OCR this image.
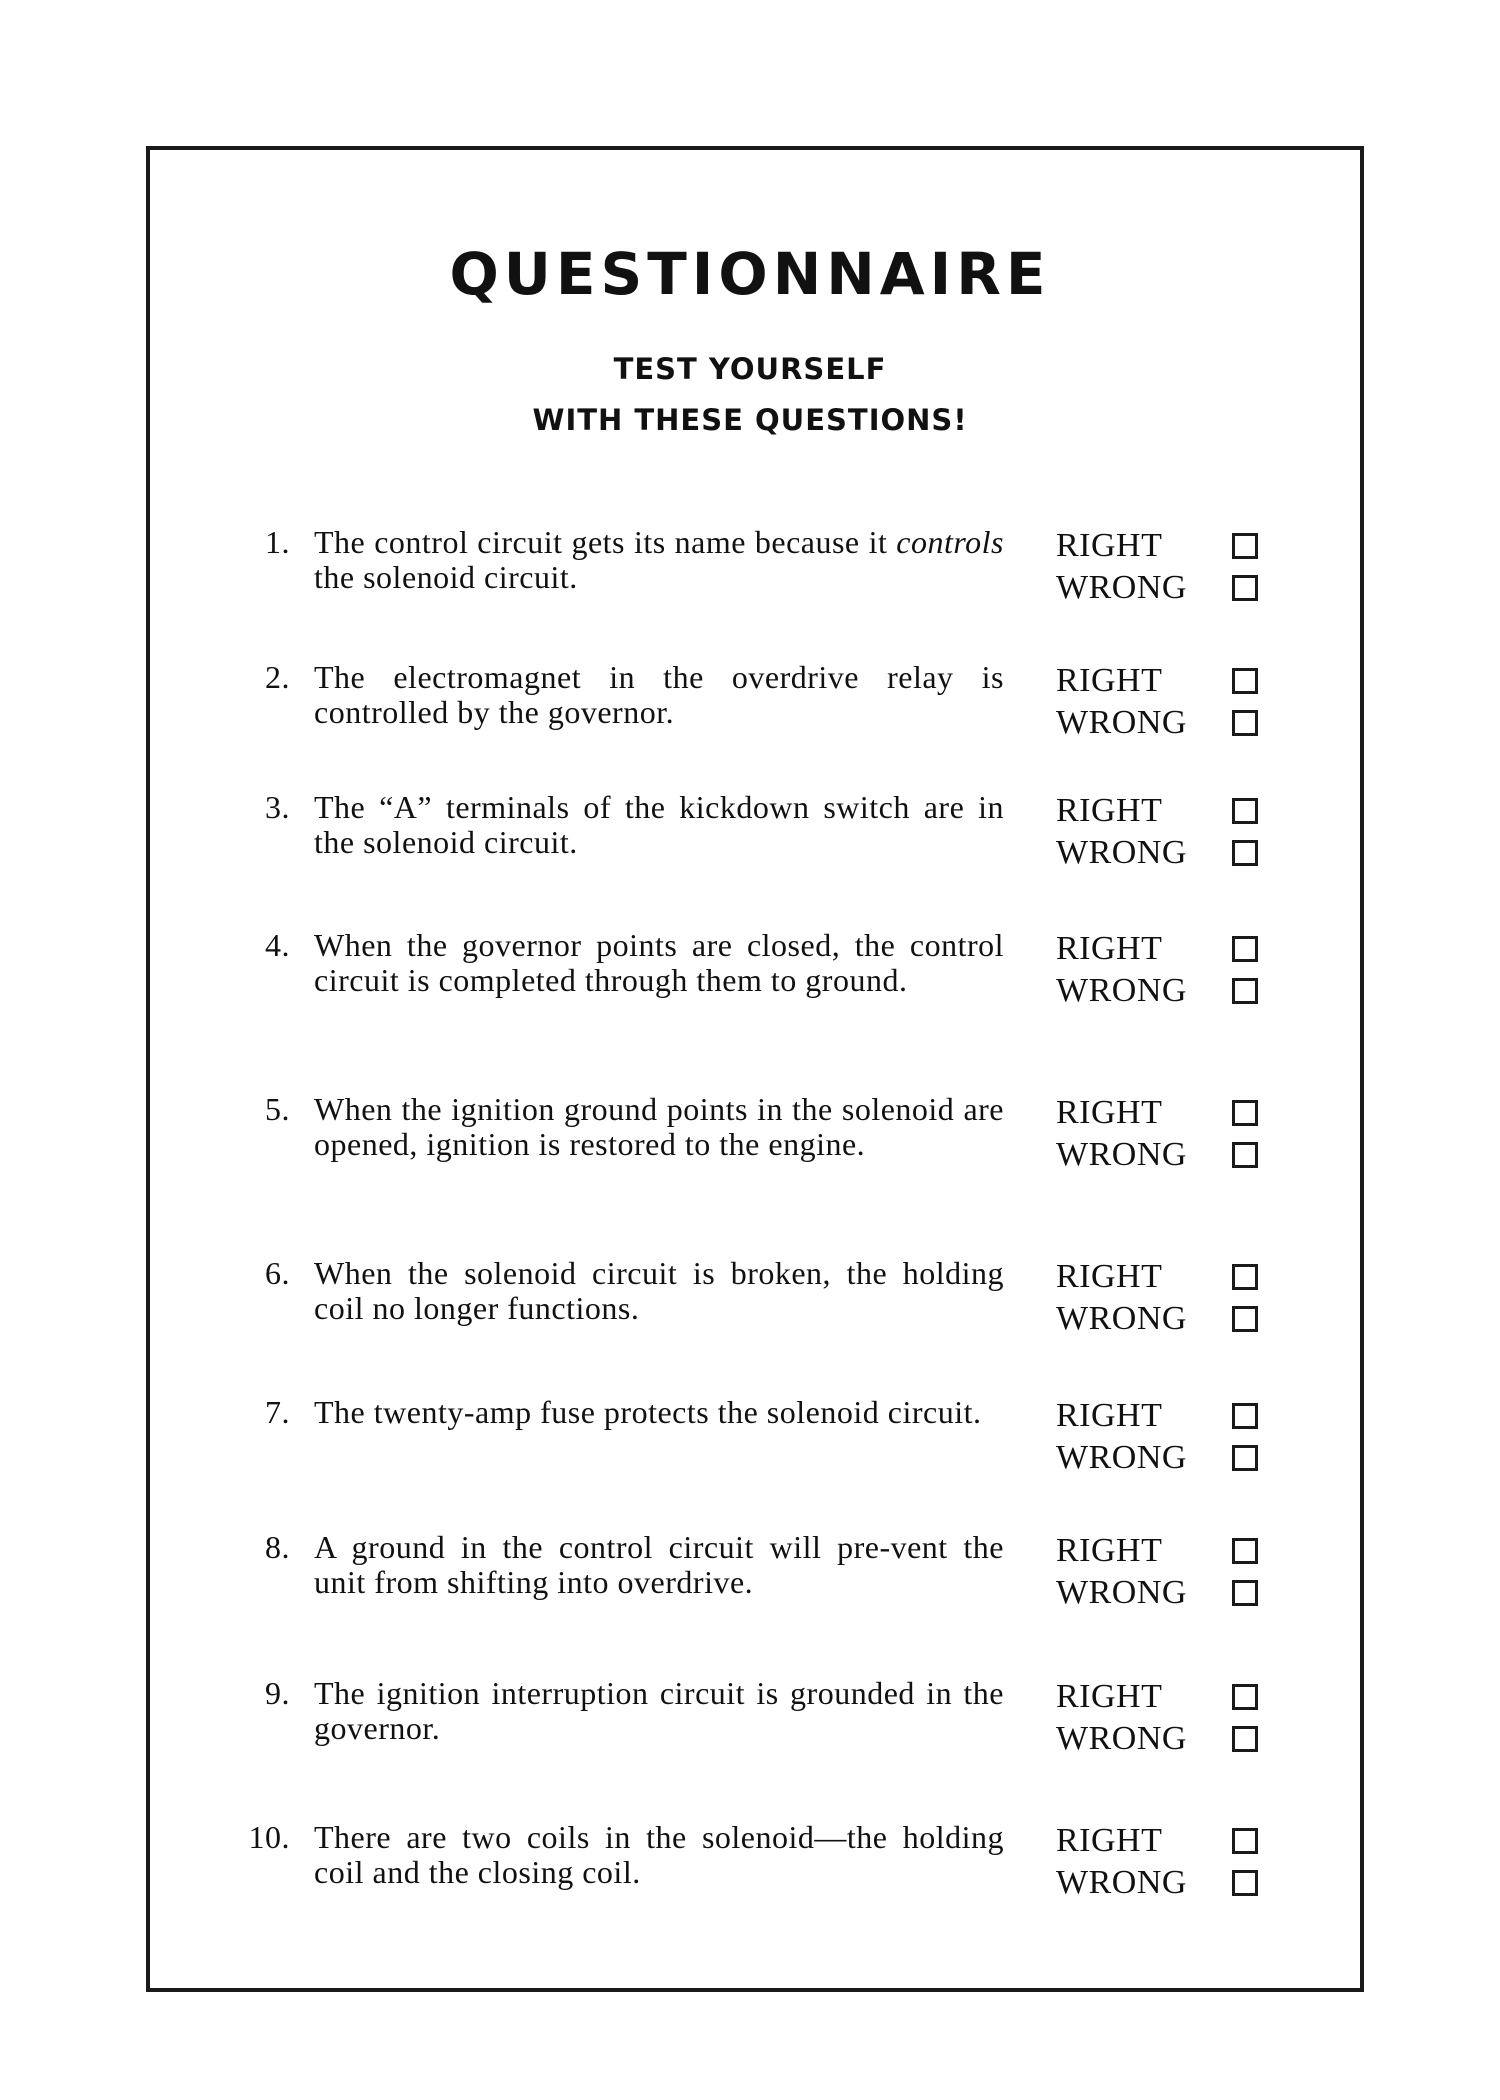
QUESTIONNAIRE
TEST YOURSELF
WITH THESE QUESTIONS!
1. The control circuit gets its name because it controls the solenoid circuit.
RIGHT
WRONG
2. The electromagnet in the overdrive relay is controlled by the governor.
RIGHT
WRONG
3. The “A” terminals of the kickdown switch are in the solenoid circuit.
RIGHT
WRONG
4. When the governor points are closed, the control circuit is completed through them to ground.
RIGHT
WRONG
5. When the ignition ground points in the solenoid are opened, ignition is restored to the engine.
RIGHT
WRONG
6. When the solenoid circuit is broken, the holding coil no longer functions.
RIGHT
WRONG
7. The twenty-amp fuse protects the solenoid circuit.	RIGHT
WRONG
8. A ground in the control circuit will pre-vent the unit from shifting into overdrive.
RIGHT
WRONG
9. The ignition interruption circuit is grounded in the governor.
RIGHT
WRONG
10. There are two coils in the solenoid—the holding coil and the closing coil.
RIGHT
WRONG
